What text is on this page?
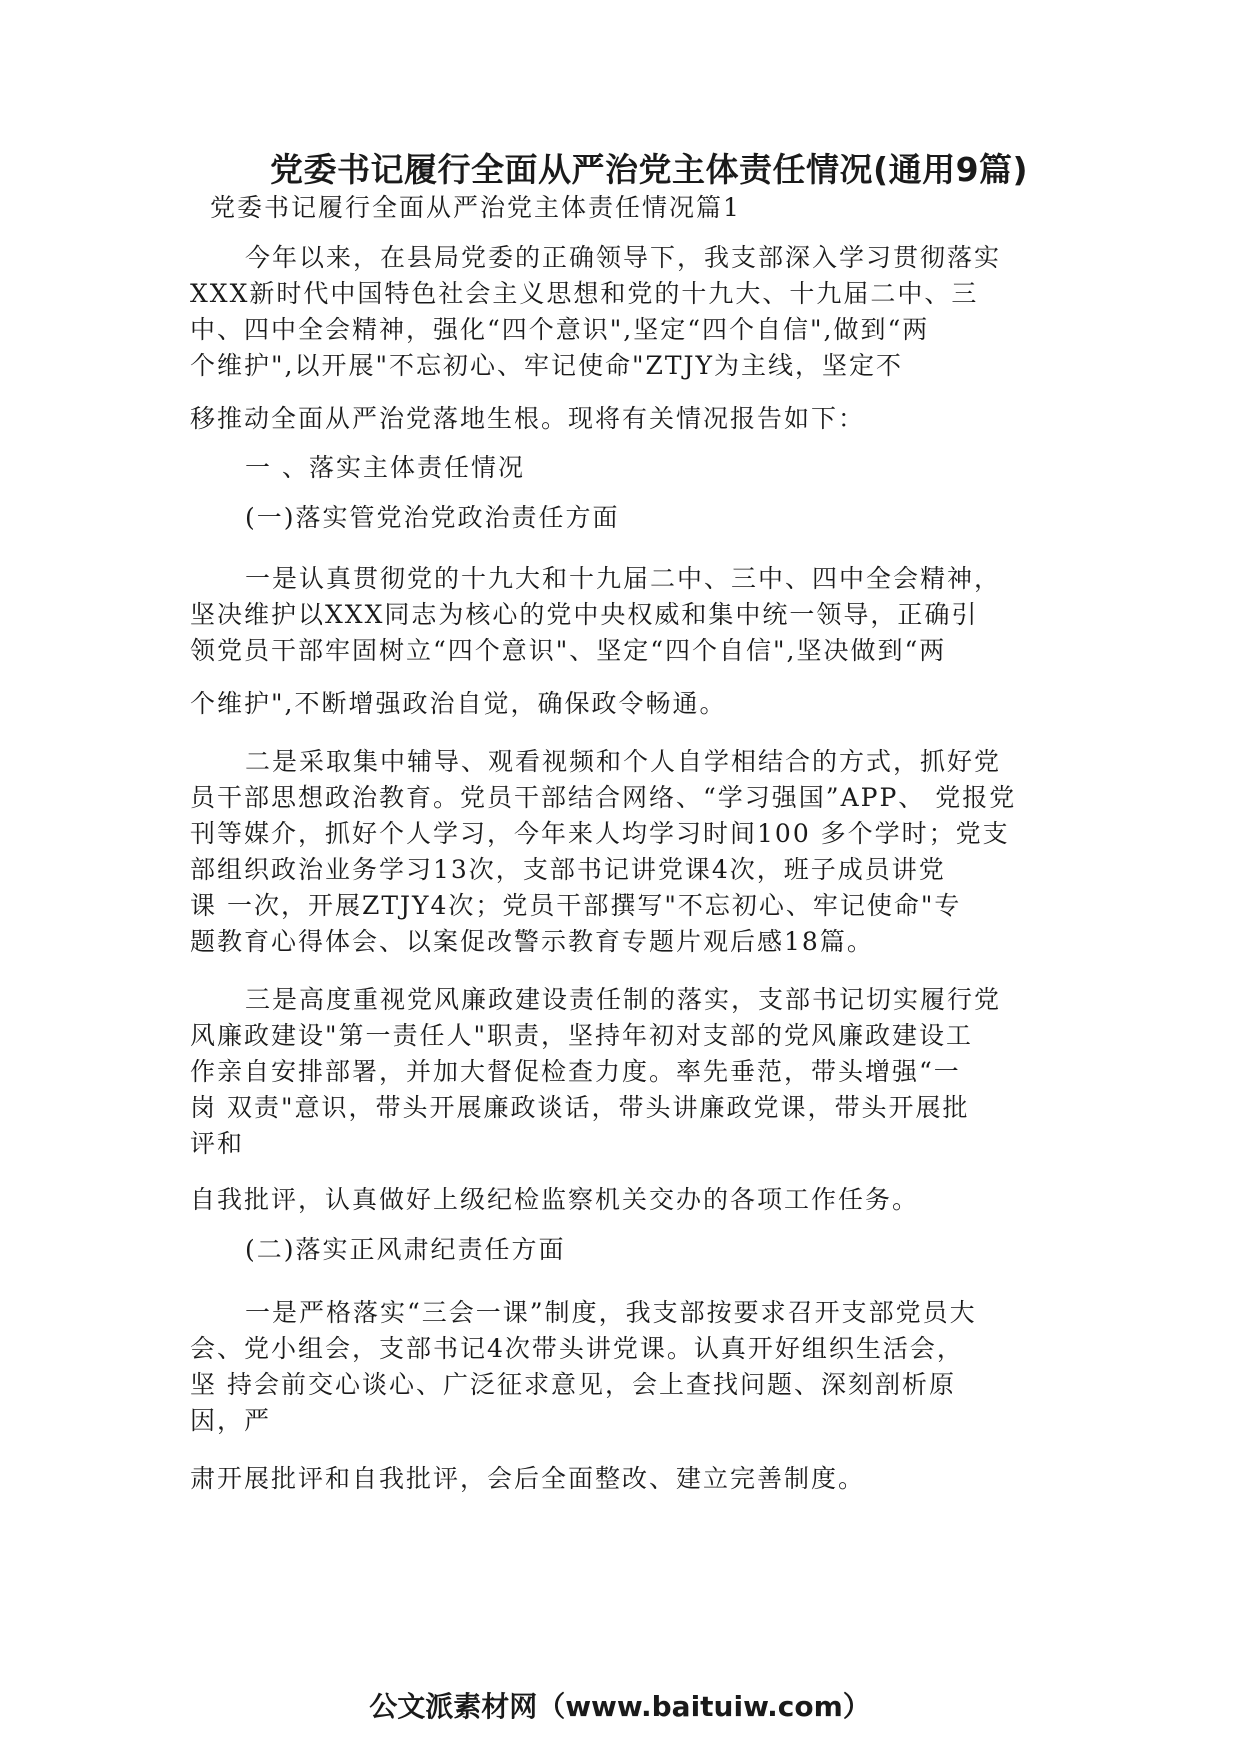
党委书记履行全面从严治党主体责任情况(通用9篇)
党委书记履行全面从严治党主体责任情况篇1
今年以来，在县局党委的正确领导下，我支部深入学习贯彻落实
XXX新时代中国特色社会主义思想和党的十九大、十九届二中、三
中、四中全会精神，强化“四个意识",坚定“四个自信",做到“两
个维护",以开展"不忘初心、牢记使命"ZTJY为主线，坚定不
移推动全面从严治党落地生根。现将有关情况报告如下：
一 、落实主体责任情况
(一)落实管党治党政治责任方面
一是认真贯彻党的十九大和十九届二中、三中、四中全会精神，
坚决维护以XXX同志为核心的党中央权威和集中统一领导，正确引
领党员干部牢固树立“四个意识"、坚定“四个自信",坚决做到“两
个维护",不断增强政治自觉，确保政令畅通。
二是采取集中辅导、观看视频和个人自学相结合的方式，抓好党
员干部思想政治教育。党员干部结合网络、“学习强国”APP、 党报党
刊等媒介，抓好个人学习，今年来人均学习时间100 多个学时；党支
部组织政治业务学习13次，支部书记讲党课4次，班子成员讲党
课 一次，开展ZTJY4次；党员干部撰写"不忘初心、牢记使命"专
题教育心得体会、以案促改警示教育专题片观后感18篇。
三是高度重视党风廉政建设责任制的落实，支部书记切实履行党
风廉政建设"第一责任人"职责，坚持年初对支部的党风廉政建设工
作亲自安排部署，并加大督促检查力度。率先垂范，带头增强“一
岗 双责"意识，带头开展廉政谈话，带头讲廉政党课，带头开展批
评和
自我批评，认真做好上级纪检监察机关交办的各项工作任务。
(二)落实正风肃纪责任方面
一是严格落实“三会一课”制度，我支部按要求召开支部党员大
会、党小组会，支部书记4次带头讲党课。认真开好组织生活会，
坚 持会前交心谈心、广泛征求意见，会上查找问题、深刻剖析原
因，严
肃开展批评和自我批评，会后全面整改、建立完善制度。
公文派素材网（www.baituiw.com）
